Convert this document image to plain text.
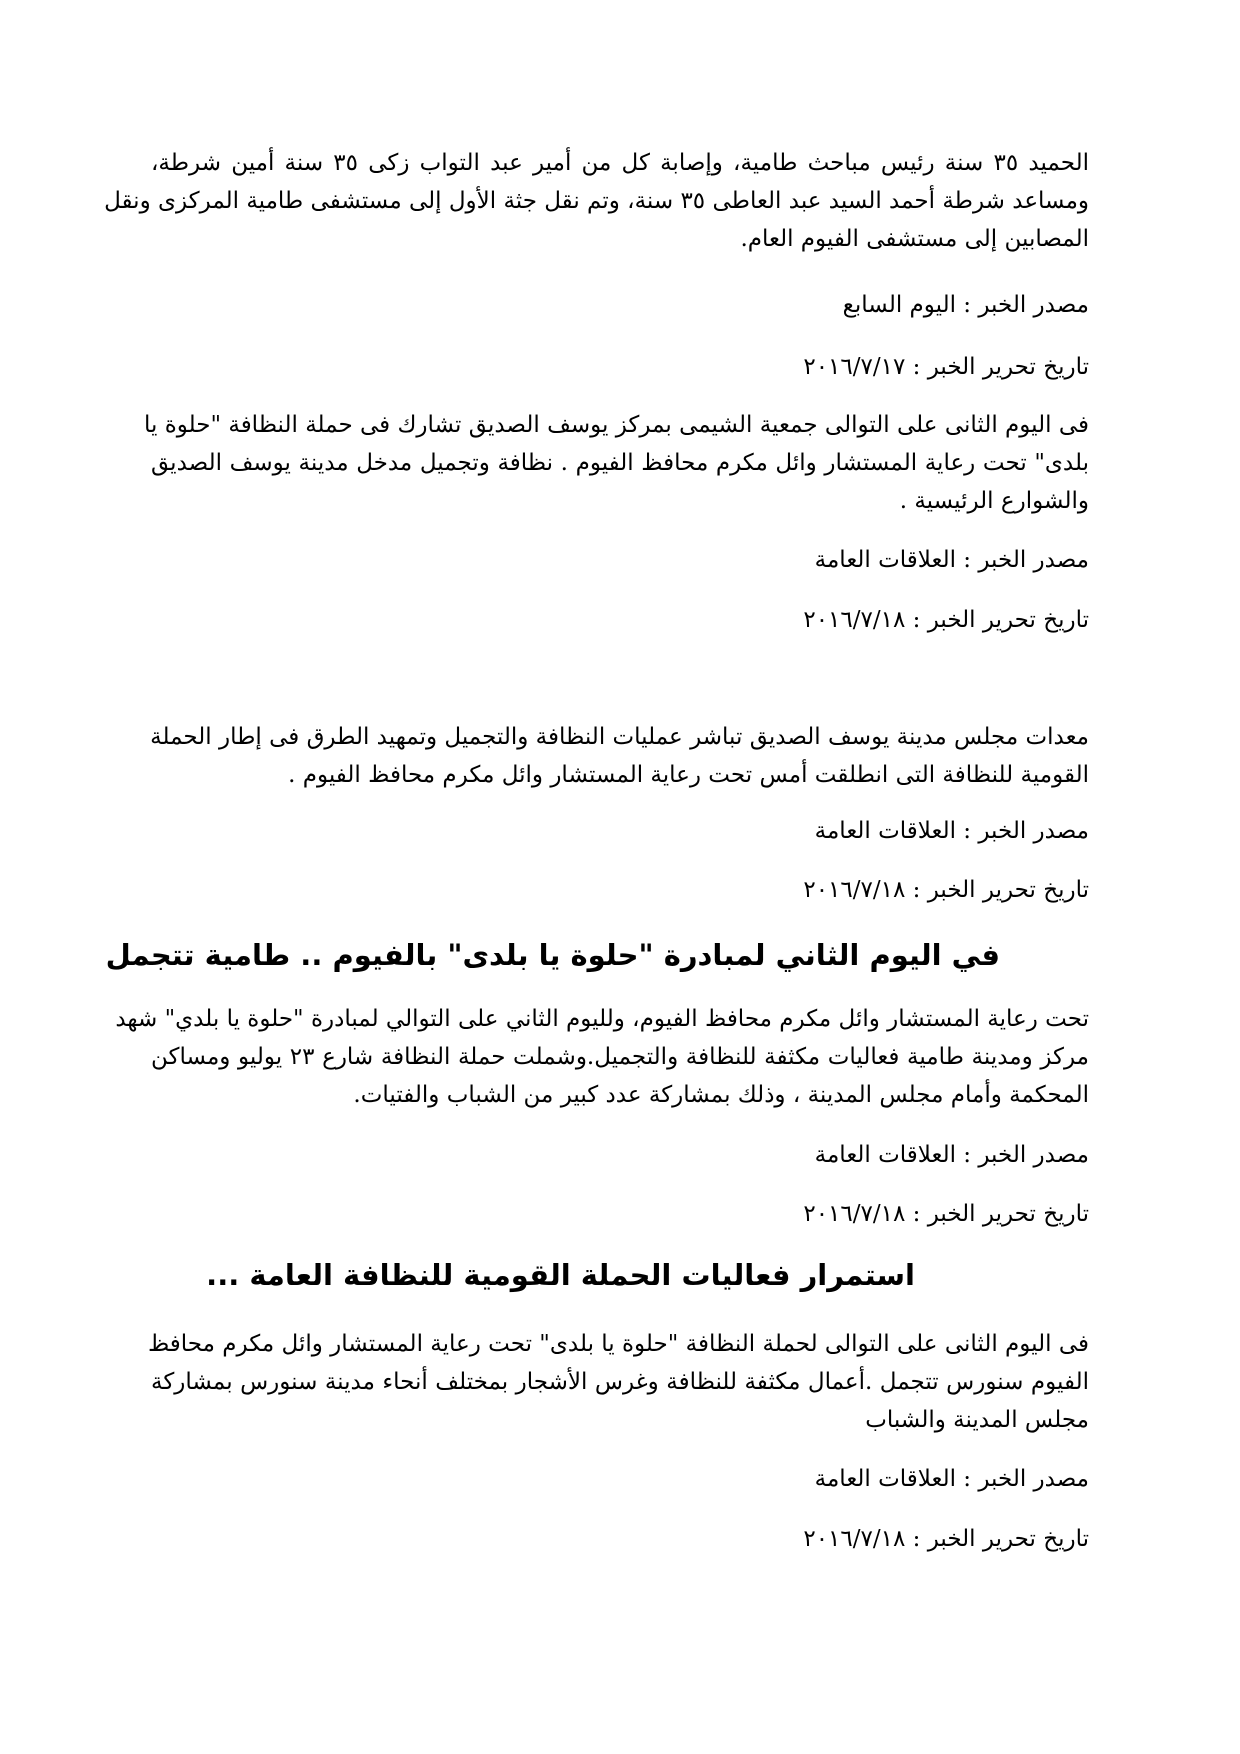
الحميد ٣٥ سنة رئيس مباحث طامية، وإصابة كل من أمير عبد التواب زكى ٣٥ سنة أمين شرطة،
ومساعد شرطة أحمد السيد عبد العاطى ٣٥ سنة، وتم نقل جثة الأول إلى مستشفى طامية المركزى ونقل
المصابين إلى مستشفى الفيوم العام.
مصدر الخبر : اليوم السابع
تاريخ تحرير الخبر : ٢٠١٦/٧/١٧
فى اليوم الثانى على التوالى جمعية الشيمى بمركز يوسف الصديق تشارك فى حملة النظافة "حلوة يا
بلدى" تحت رعاية المستشار وائل مكرم محافظ الفيوم . نظافة وتجميل مدخل مدينة يوسف الصديق
والشوارع الرئيسية .
مصدر الخبر : العلاقات العامة
تاريخ تحرير الخبر : ٢٠١٦/٧/١٨
معدات مجلس مدينة يوسف الصديق تباشر عمليات النظافة والتجميل وتمهيد الطرق فى إطار الحملة
القومية للنظافة التى انطلقت أمس تحت رعاية المستشار وائل مكرم محافظ الفيوم .
مصدر الخبر : العلاقات العامة
تاريخ تحرير الخبر : ٢٠١٦/٧/١٨
في اليوم الثاني لمبادرة "حلوة يا بلدى" بالفيوم .. طامية تتجمل
تحت رعاية المستشار وائل مكرم محافظ الفيوم، ولليوم الثاني على التوالي لمبادرة "حلوة يا بلدي" شهد
مركز ومدينة طامية فعاليات مكثفة للنظافة والتجميل.وشملت حملة النظافة شارع ٢٣ يوليو ومساكن
المحكمة وأمام مجلس المدينة ، وذلك بمشاركة عدد كبير من الشباب والفتيات.
مصدر الخبر : العلاقات العامة
تاريخ تحرير الخبر : ٢٠١٦/٧/١٨
استمرار فعاليات الحملة القومية للنظافة العامة ...
فى اليوم الثانى على التوالى لحملة النظافة "حلوة يا بلدى" تحت رعاية المستشار وائل مكرم محافظ
الفيوم سنورس تتجمل .أعمال مكثفة للنظافة وغرس الأشجار بمختلف أنحاء مدينة سنورس بمشاركة
مجلس المدينة والشباب
مصدر الخبر : العلاقات العامة
تاريخ تحرير الخبر : ٢٠١٦/٧/١٨
